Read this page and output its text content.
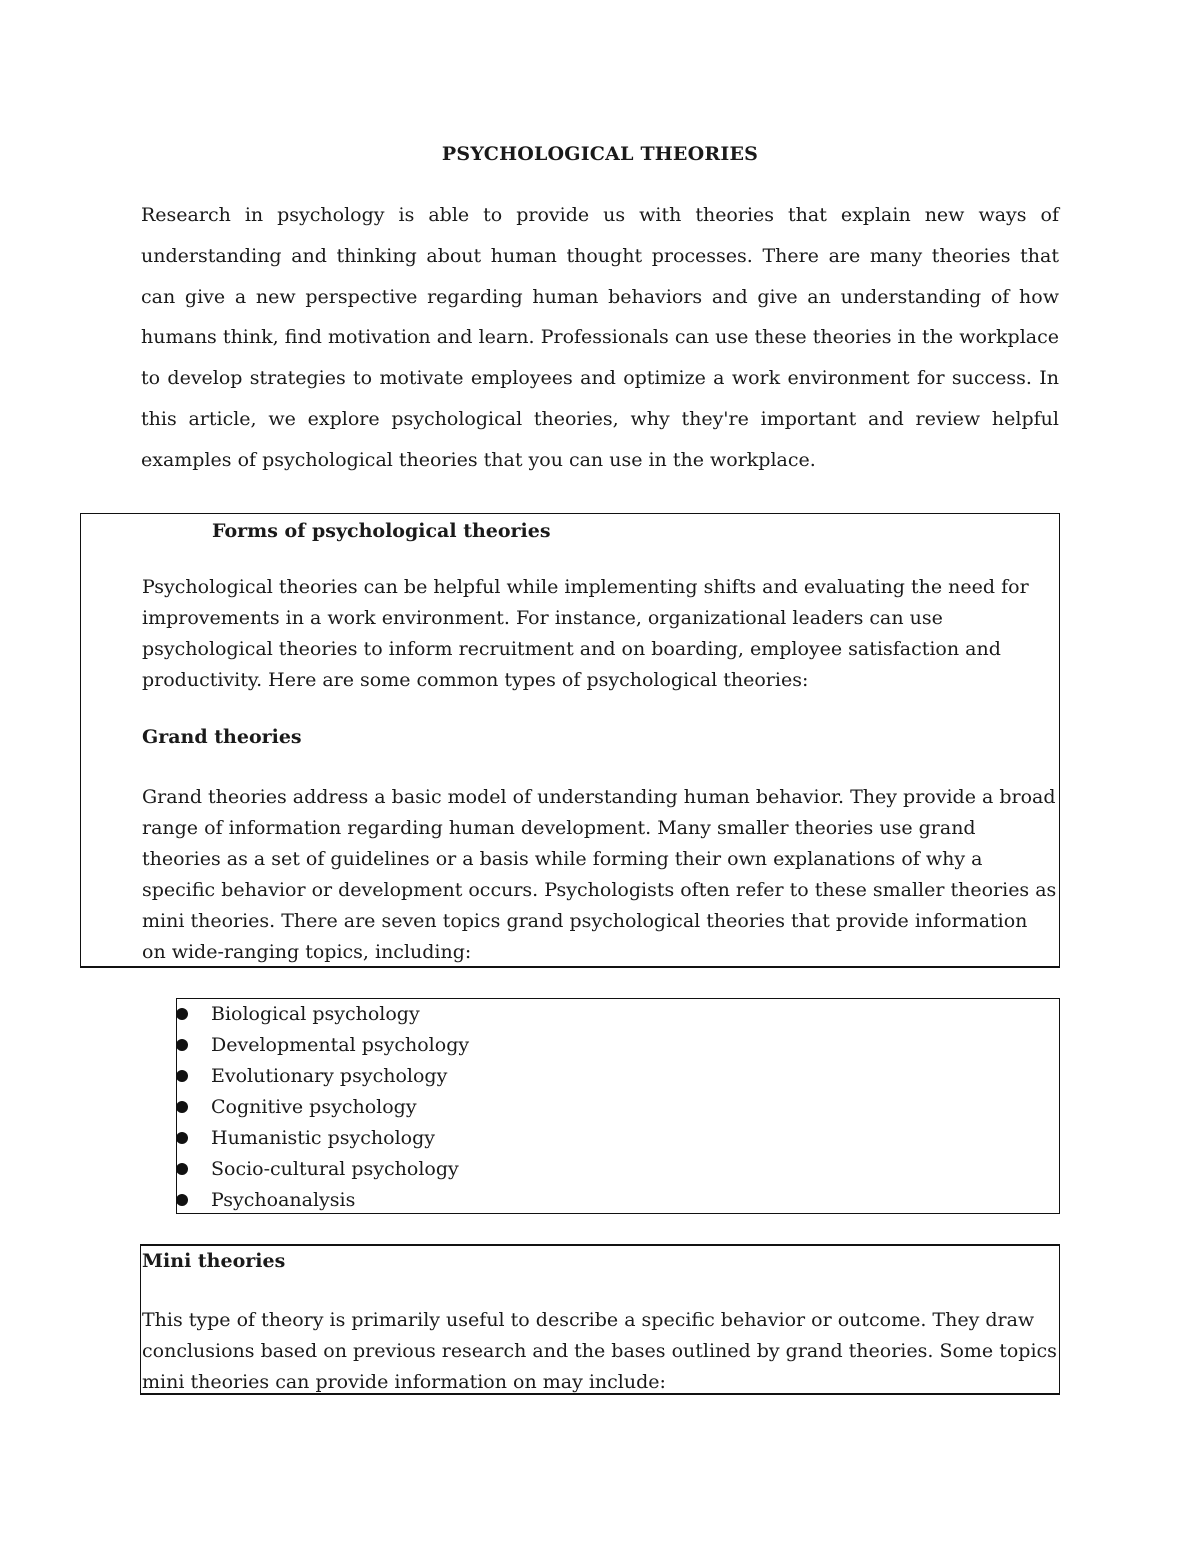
PSYCHOLOGICAL THEORIES

Research in psychology is able to provide us with theories that explain new ways of understanding and thinking about human thought processes. There are many theories that can give a new perspective regarding human behaviors and give an understanding of how humans think, find motivation and learn. Professionals can use these theories in the workplace to develop strategies to motivate employees and optimize a work environment for success. In this article, we explore psychological theories, why they're important and review helpful examples of psychological theories that you can use in the workplace.

Forms of psychological theories

Psychological theories can be helpful while implementing shifts and evaluating the need for improvements in a work environment. For instance, organizational leaders can use psychological theories to inform recruitment and on boarding, employee satisfaction and productivity. Here are some common types of psychological theories:

Grand theories

Grand theories address a basic model of understanding human behavior. They provide a broad range of information regarding human development. Many smaller theories use grand theories as a set of guidelines or a basis while forming their own explanations of why a specific behavior or development occurs. Psychologists often refer to these smaller theories as mini theories. There are seven topics grand psychological theories that provide information on wide-ranging topics, including:

Biological psychology
Developmental psychology
Evolutionary psychology
Cognitive psychology
Humanistic psychology
Socio-cultural psychology
Psychoanalysis
Mini theories

This type of theory is primarily useful to describe a specific behavior or outcome. They draw conclusions based on previous research and the bases outlined by grand theories. Some topics mini theories can provide information on may include:
